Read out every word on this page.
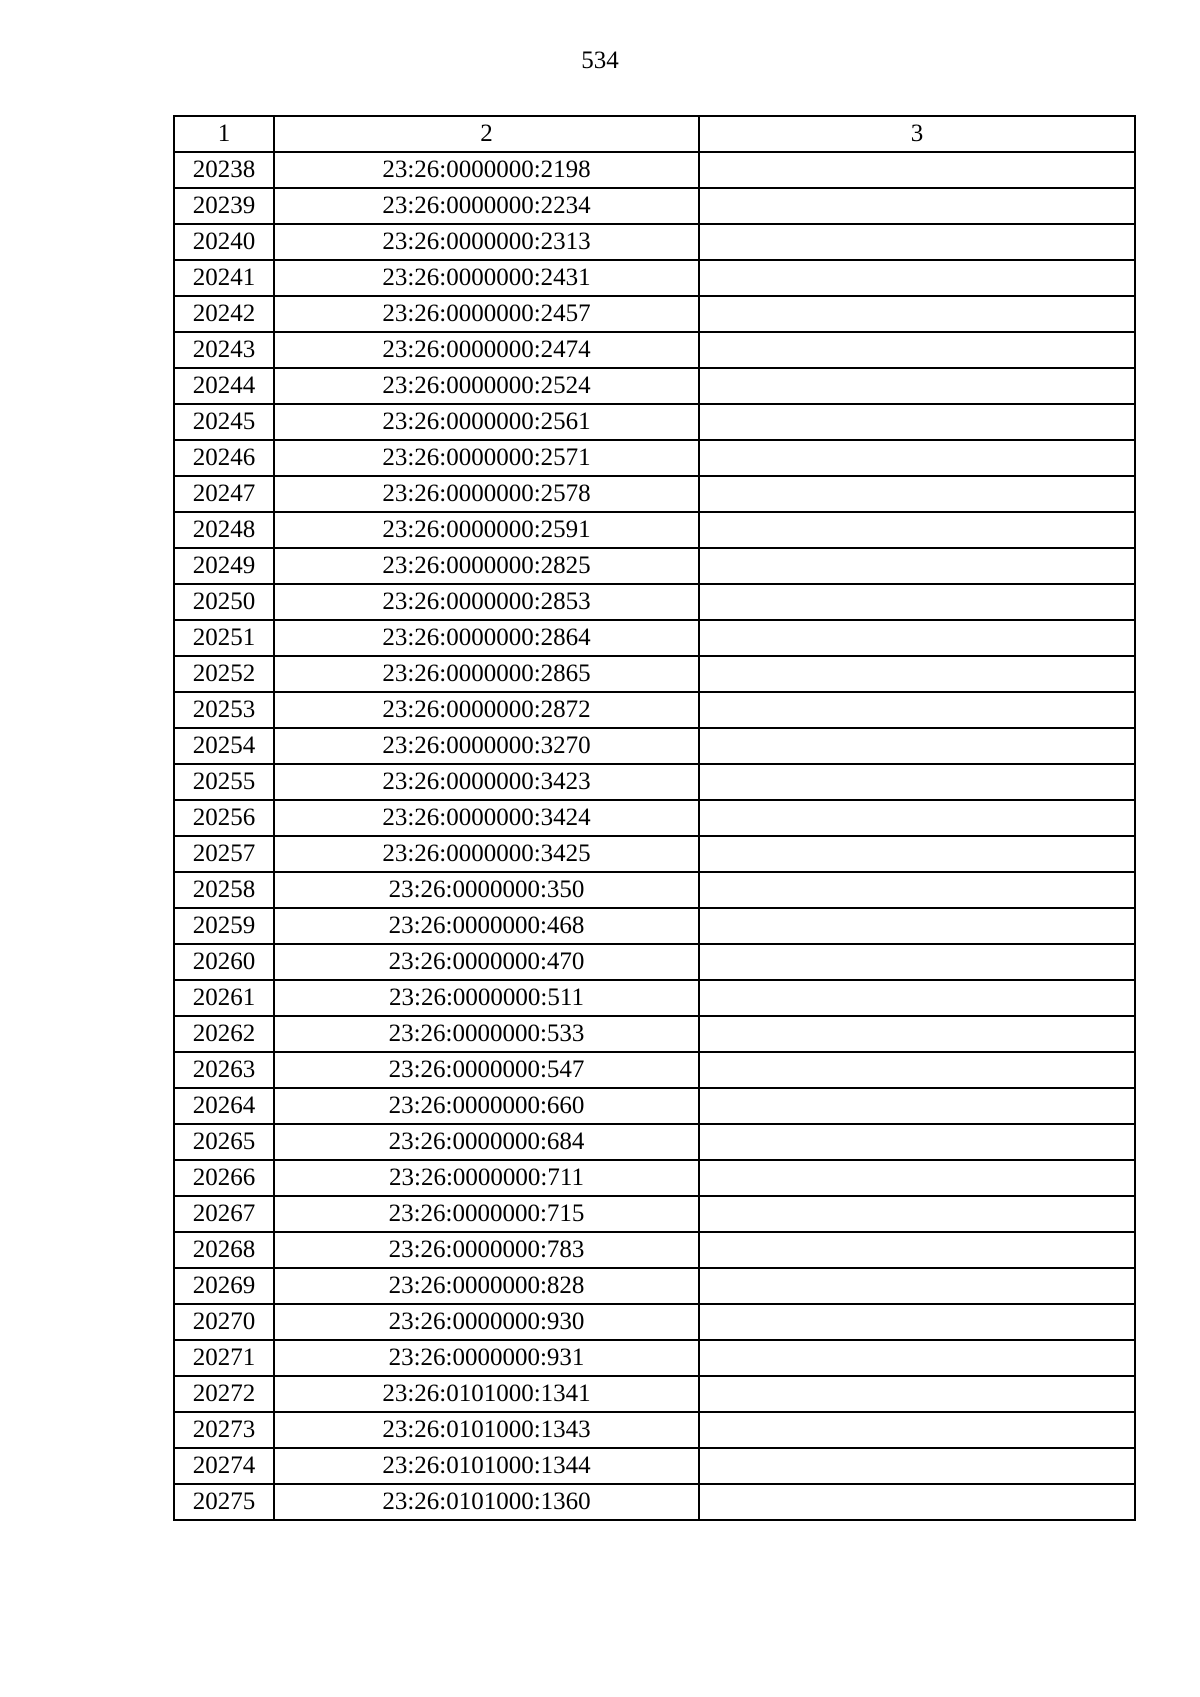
534
1	2	3
20238	23:26:0000000:2198	
20239	23:26:0000000:2234	
20240	23:26:0000000:2313	
20241	23:26:0000000:2431	
20242	23:26:0000000:2457	
20243	23:26:0000000:2474	
20244	23:26:0000000:2524	
20245	23:26:0000000:2561	
20246	23:26:0000000:2571	
20247	23:26:0000000:2578	
20248	23:26:0000000:2591	
20249	23:26:0000000:2825	
20250	23:26:0000000:2853	
20251	23:26:0000000:2864	
20252	23:26:0000000:2865	
20253	23:26:0000000:2872	
20254	23:26:0000000:3270	
20255	23:26:0000000:3423	
20256	23:26:0000000:3424	
20257	23:26:0000000:3425	
20258	23:26:0000000:350	
20259	23:26:0000000:468	
20260	23:26:0000000:470	
20261	23:26:0000000:511	
20262	23:26:0000000:533	
20263	23:26:0000000:547	
20264	23:26:0000000:660	
20265	23:26:0000000:684	
20266	23:26:0000000:711	
20267	23:26:0000000:715	
20268	23:26:0000000:783	
20269	23:26:0000000:828	
20270	23:26:0000000:930	
20271	23:26:0000000:931	
20272	23:26:0101000:1341	
20273	23:26:0101000:1343	
20274	23:26:0101000:1344	
20275	23:26:0101000:1360	
